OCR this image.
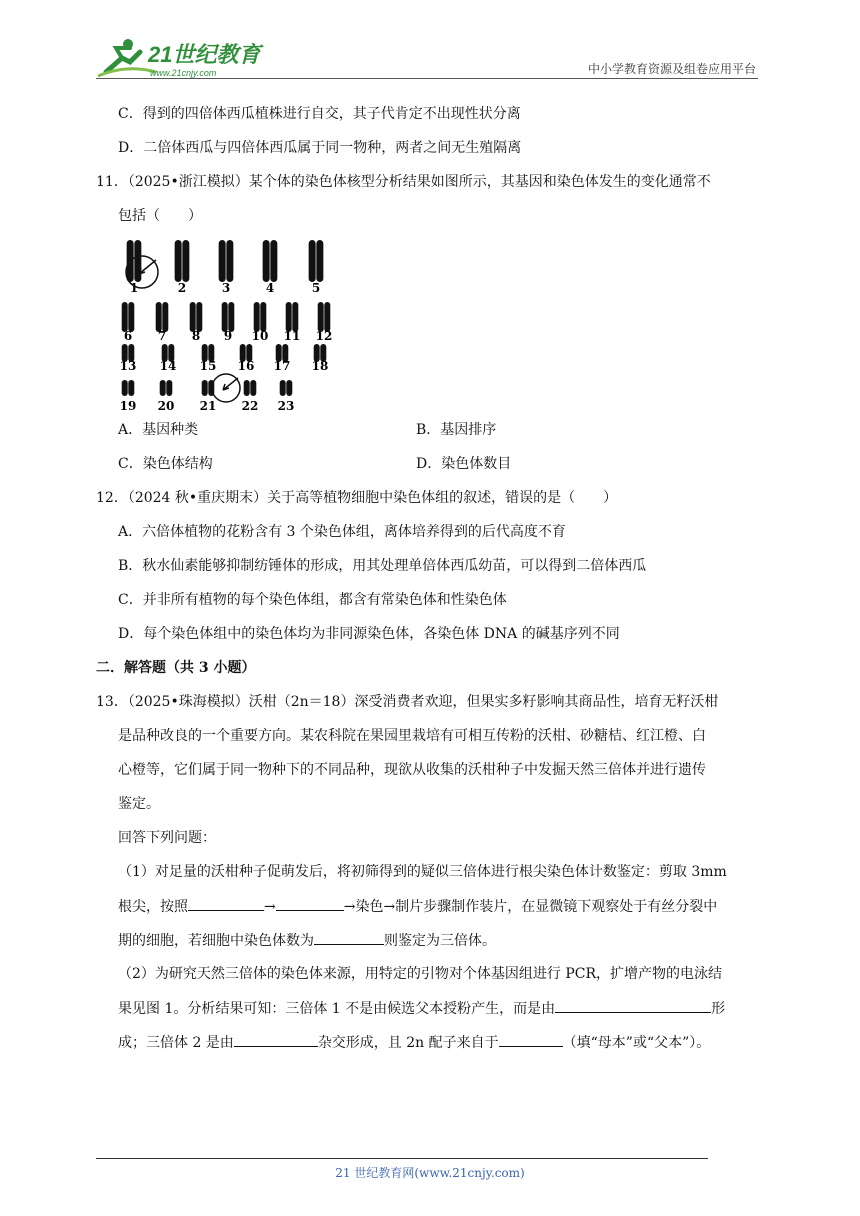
21世纪教育
www.21cnjy.com	中小学教育资源及组卷应用平台
C．得到的四倍体西瓜植株进行自交，其子代肯定不出现性状分离
D．二倍体西瓜与四倍体西瓜属于同一物种，两者之间无生殖隔离
11．（2025•浙江模拟）某个体的染色体核型分析结果如图所示，其基因和染色体发生的变化通常不
包括（　　）
1	2	3	4	5
6 7 8 9 10 11 12
13 14 15 16 17 18
19 20 21 22 23
A．基因种类	B．基因排序
C．染色体结构	D．染色体数目
12．（2024 秋•重庆期末）关于高等植物细胞中染色体组的叙述，错误的是（　　）
A．六倍体植物的花粉含有 3 个染色体组，离体培养得到的后代高度不育
B．秋水仙素能够抑制纺锤体的形成，用其处理单倍体西瓜幼苗，可以得到二倍体西瓜
C．并非所有植物的每个染色体组，都含有常染色体和性染色体
D．每个染色体组中的染色体均为非同源染色体，各染色体 DNA 的碱基序列不同
二．解答题（共 3 小题）
13．（2025•珠海模拟）沃柑（2n＝18）深受消费者欢迎，但果实多籽影响其商品性，培育无籽沃柑
是品种改良的一个重要方向。某农科院在果园里栽培有可相互传粉的沃柑、砂糖桔、红江橙、白
心橙等，它们属于同一物种下的不同品种，现欲从收集的沃柑种子中发掘天然三倍体并进行遗传
鉴定。
回答下列问题：
（1）对足量的沃柑种子促萌发后，将初筛得到的疑似三倍体进行根尖染色体计数鉴定：剪取 3mm
根尖，按照	→	→染色→制片步骤制作装片，在显微镜下观察处于有丝分裂中
期的细胞，若细胞中染色体数为	则鉴定为三倍体。
（2）为研究天然三倍体的染色体来源，用特定的引物对个体基因组进行 PCR，扩增产物的电泳结
果见图 1。分析结果可知：三倍体 1 不是由候选父本授粉产生，而是由	形
成；三倍体 2 是由	杂交形成，且 2n 配子来自于	（填“母本”或“父本”）。
21 世纪教育网(www.21cnjy.com)
